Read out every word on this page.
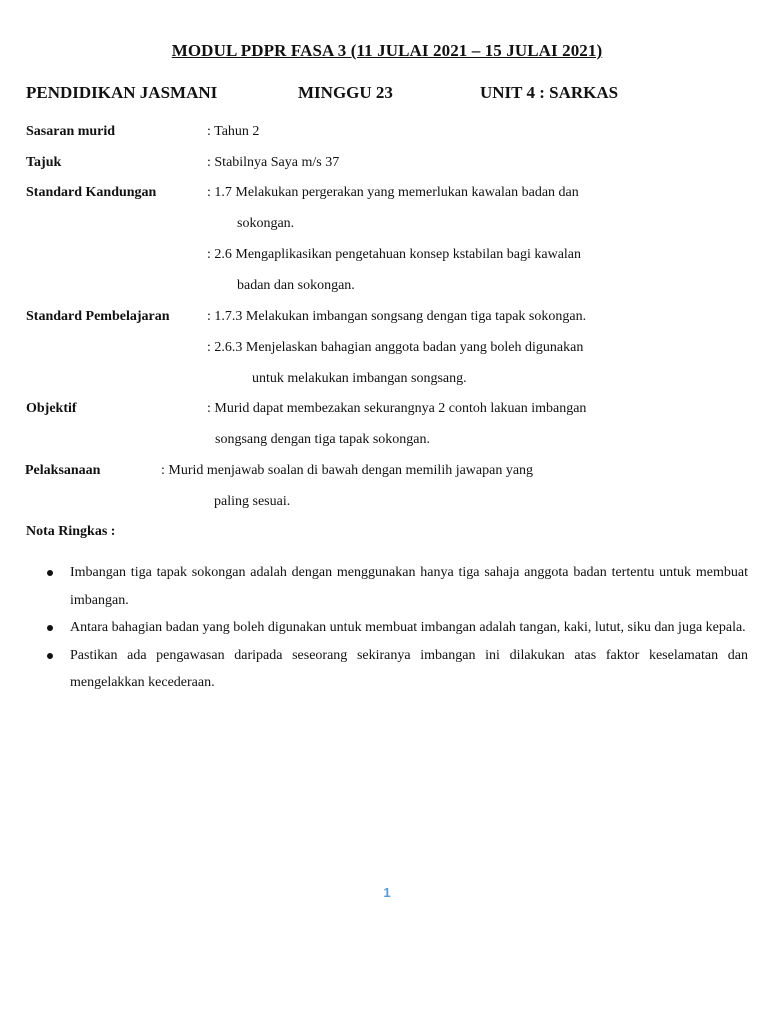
MODUL PDPR FASA 3 (11 JULAI 2021 – 15 JULAI 2021)
PENDIDIKAN JASMANI	MINGGU 23	UNIT 4 : SARKAS
Sasaran murid	: Tahun 2
Tajuk	: Stabilnya Saya m/s 37
Standard Kandungan	: 1.7 Melakukan pergerakan yang memerlukan kawalan badan dan
sokongan.
: 2.6 Mengaplikasikan pengetahuan konsep kstabilan bagi kawalan
badan dan sokongan.
Standard Pembelajaran	: 1.7.3 Melakukan imbangan songsang dengan tiga tapak sokongan.
: 2.6.3 Menjelaskan bahagian anggota badan yang boleh digunakan
untuk melakukan imbangan songsang.
Objektif	: Murid dapat membezakan sekurangnya 2 contoh lakuan imbangan
songsang dengan tiga tapak sokongan.
Pelaksanaan	: Murid menjawab soalan di bawah dengan memilih jawapan yang
paling sesuai.
Nota Ringkas :
Imbangan tiga tapak sokongan adalah dengan menggunakan hanya tiga sahaja anggota badan tertentu untuk membuat imbangan.
Antara bahagian badan yang boleh digunakan untuk membuat imbangan adalah tangan, kaki, lutut, siku dan juga kepala.
Pastikan ada pengawasan daripada seseorang sekiranya imbangan ini dilakukan atas faktor keselamatan dan mengelakkan kecederaan.
1
